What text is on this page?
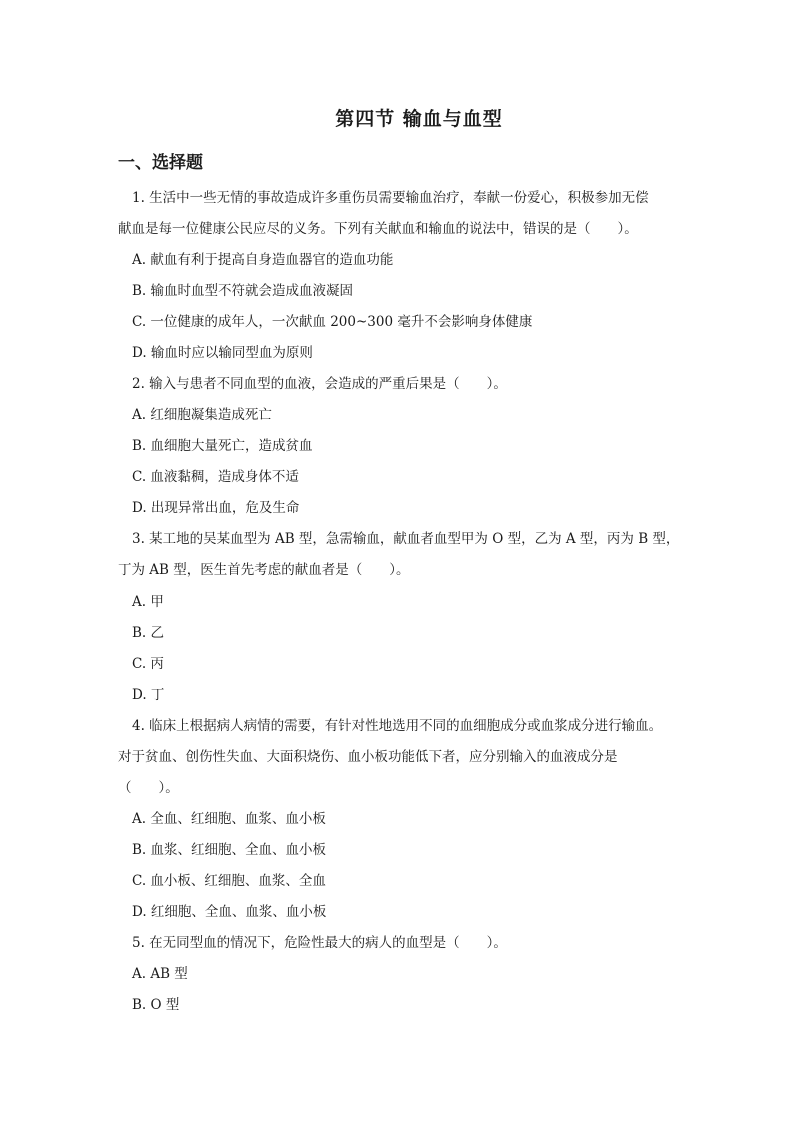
第四节 输血与血型
一、选择题
1. 生活中一些无情的事故造成许多重伤员需要输血治疗，奉献一份爱心，积极参加无偿
献血是每一位健康公民应尽的义务。下列有关献血和输血的说法中，错误的是（　　）。
A. 献血有利于提高自身造血器官的造血功能
B. 输血时血型不符就会造成血液凝固
C. 一位健康的成年人，一次献血 200~300 毫升不会影响身体健康
D. 输血时应以输同型血为原则
2. 输入与患者不同血型的血液，会造成的严重后果是（　　）。
A. 红细胞凝集造成死亡
B. 血细胞大量死亡，造成贫血
C. 血液黏稠，造成身体不适
D. 出现异常出血，危及生命
3. 某工地的吴某血型为 AB 型，急需输血，献血者血型甲为 O 型，乙为 A 型，丙为 B 型，
丁为 AB 型，医生首先考虑的献血者是（　　）。
A. 甲
B. 乙
C. 丙
D. 丁
4. 临床上根据病人病情的需要，有针对性地选用不同的血细胞成分或血浆成分进行输血。
对于贫血、创伤性失血、大面积烧伤、血小板功能低下者，应分别输入的血液成分是
（　　）。
A. 全血、红细胞、血浆、血小板
B. 血浆、红细胞、全血、血小板
C. 血小板、红细胞、血浆、全血
D. 红细胞、全血、血浆、血小板
5. 在无同型血的情况下，危险性最大的病人的血型是（　　）。
A. AB 型
B. O 型
